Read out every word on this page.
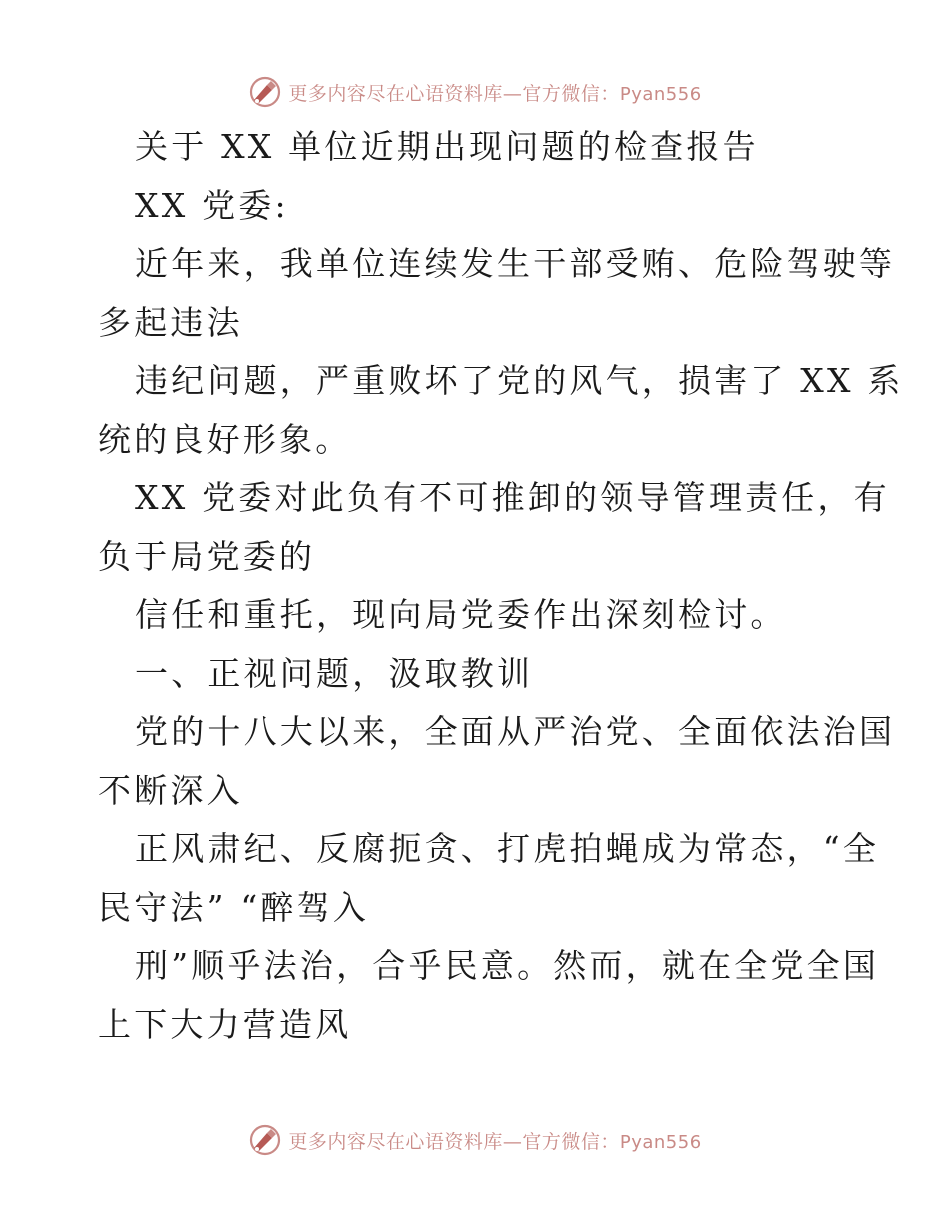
更多内容尽在心语资料库—官方微信：Pyan556
关于 XX 单位近期出现问题的检查报告
XX 党委:
近年来，我单位连续发生干部受贿、危险驾驶等
多起违法
违纪问题，严重败坏了党的风气，损害了 XX 系
统的良好形象。
XX 党委对此负有不可推卸的领导管理责任，有
负于局党委的
信任和重托，现向局党委作出深刻检讨。
一、正视问题，汲取教训
党的十八大以来，全面从严治党、全面依法治国
不断深入
正风肃纪、反腐扼贪、打虎拍蝇成为常态，“全
民守法” “醉驾入
刑”顺乎法治，合乎民意。然而，就在全党全国
上下大力营造风
更多内容尽在心语资料库—官方微信：Pyan556
